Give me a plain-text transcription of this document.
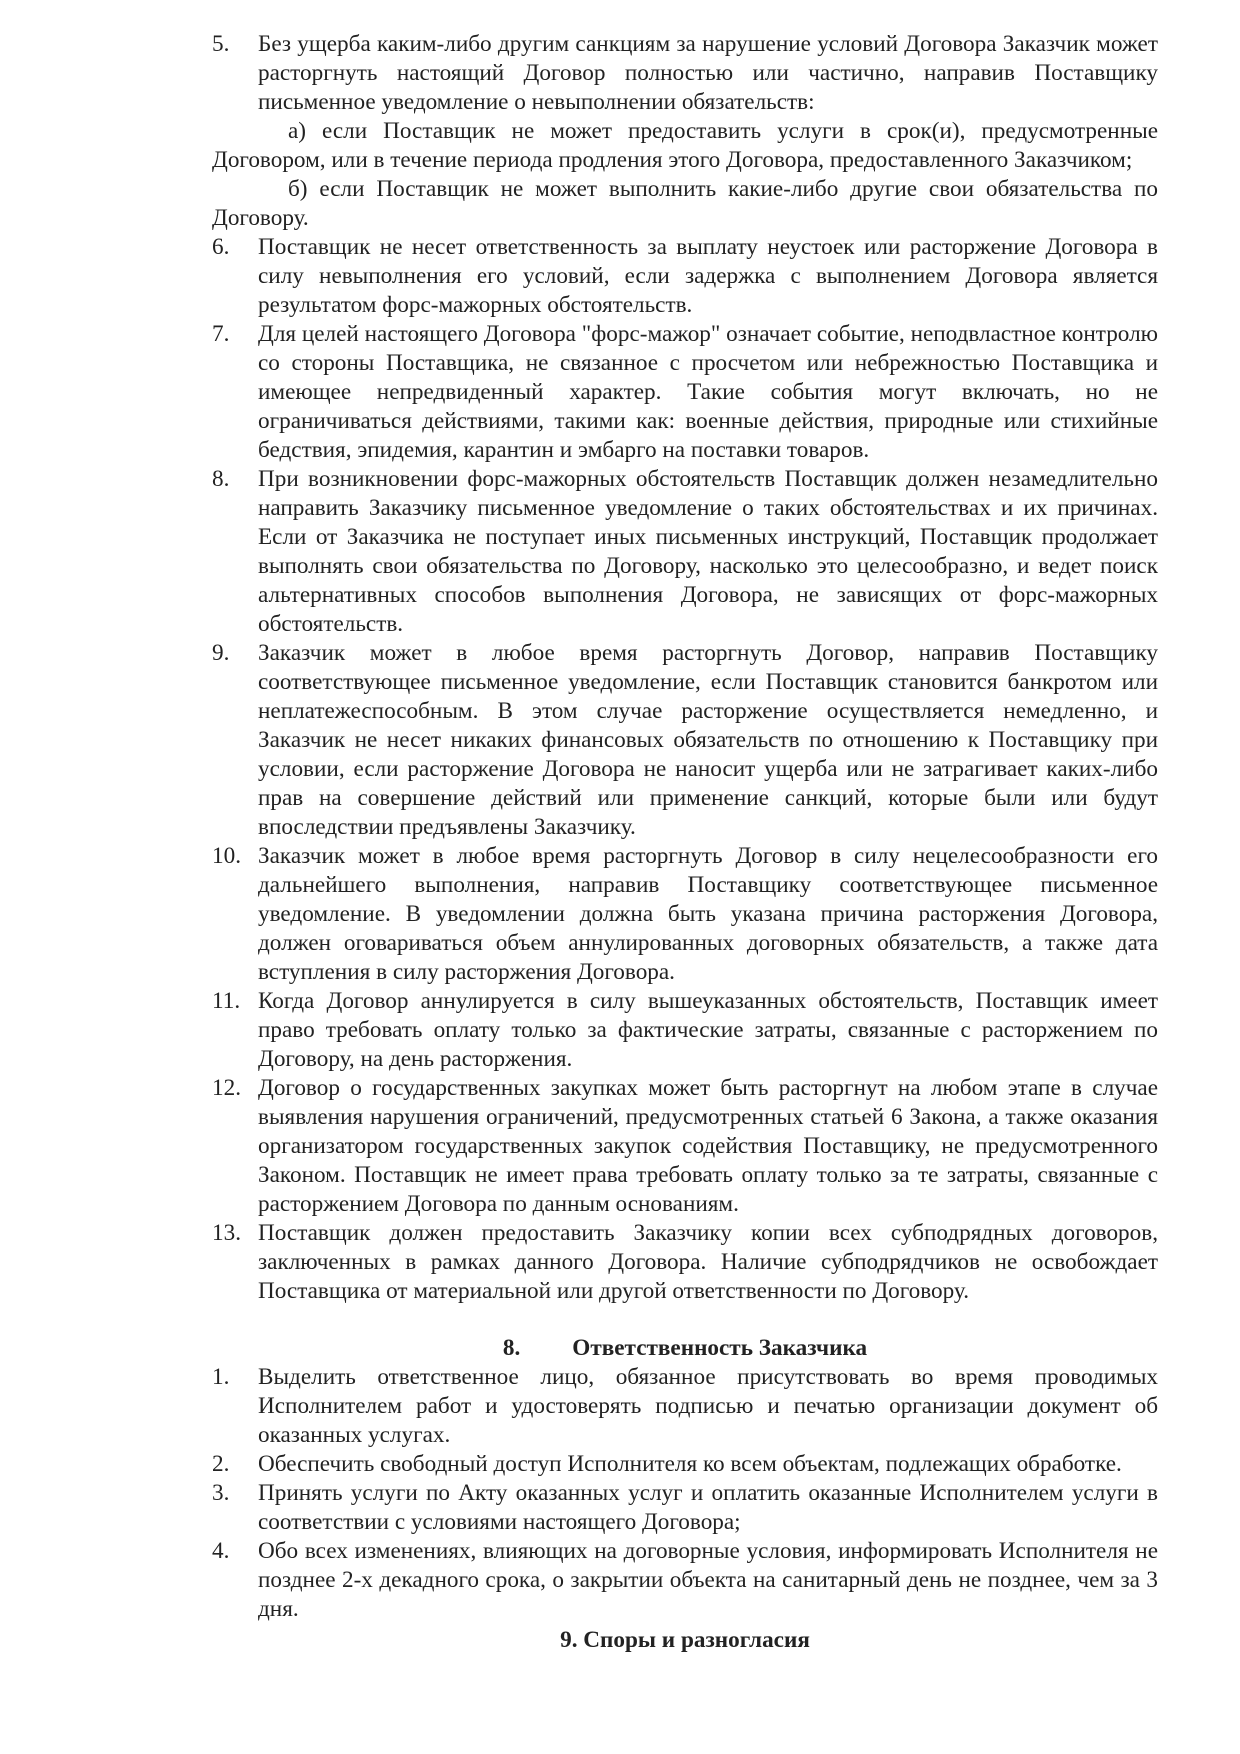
5.	Без ущерба каким-либо другим санкциям за нарушение условий Договора Заказчик может расторгнуть настоящий Договор полностью или частично, направив Поставщику письменное уведомление о невыполнении обязательств:
а) если Поставщик не может предоставить услуги в срок(и), предусмотренные Договором, или в течение периода продления этого Договора, предоставленного Заказчиком;
б) если Поставщик не может выполнить какие-либо другие свои обязательства по Договору.
6.	Поставщик не несет ответственность за выплату неустоек или расторжение Договора в силу невыполнения его условий, если задержка с выполнением Договора является результатом форс-мажорных обстоятельств.
7.	Для целей настоящего Договора "форс-мажор" означает событие, неподвластное контролю со стороны Поставщика, не связанное с просчетом или небрежностью Поставщика и имеющее непредвиденный характер. Такие события могут включать, но не ограничиваться действиями, такими как: военные действия, природные или стихийные бедствия, эпидемия, карантин и эмбарго на поставки товаров.
8.	При возникновении форс-мажорных обстоятельств Поставщик должен незамедлительно направить Заказчику письменное уведомление о таких обстоятельствах и их причинах. Если от Заказчика не поступает иных письменных инструкций, Поставщик продолжает выполнять свои обязательства по Договору, насколько это целесообразно, и ведет поиск альтернативных способов выполнения Договора, не зависящих от форс-мажорных обстоятельств.
9.	Заказчик может в любое время расторгнуть Договор, направив Поставщику соответствующее письменное уведомление, если Поставщик становится банкротом или неплатежеспособным. В этом случае расторжение осуществляется немедленно, и Заказчик не несет никаких финансовых обязательств по отношению к Поставщику при условии, если расторжение Договора не наносит ущерба или не затрагивает каких-либо прав на совершение действий или применение санкций, которые были или будут впоследствии предъявлены Заказчику.
10. Заказчик может в любое время расторгнуть Договор в силу нецелесообразности его дальнейшего выполнения, направив Поставщику соответствующее письменное уведомление. В уведомлении должна быть указана причина расторжения Договора, должен оговариваться объем аннулированных договорных обязательств, а также дата вступления в силу расторжения Договора.
11. Когда Договор аннулируется в силу вышеуказанных обстоятельств, Поставщик имеет право требовать оплату только за фактические затраты, связанные с расторжением по Договору, на день расторжения.
12. Договор о государственных закупках может быть расторгнут на любом этапе в случае выявления нарушения ограничений, предусмотренных статьей 6 Закона, а также оказания организатором государственных закупок содействия Поставщику, не предусмотренного Законом. Поставщик не имеет права требовать оплату только за те затраты, связанные с расторжением Договора по данным основаниям.
13. Поставщик должен предоставить Заказчику копии всех субподрядных договоров, заключенных в рамках данного Договора. Наличие субподрядчиков не освобождает Поставщика от материальной или другой ответственности по Договору.
8. Ответственность Заказчика
1.	Выделить ответственное лицо, обязанное присутствовать во время проводимых Исполнителем работ и удостоверять подписью и печатью организации документ об оказанных услугах.
2.	Обеспечить свободный доступ Исполнителя ко всем объектам, подлежащих обработке.
3.	Принять услуги по Акту оказанных услуг и оплатить оказанные Исполнителем услуги в соответствии с условиями настоящего Договора;
4.	Обо всех изменениях, влияющих на договорные условия, информировать Исполнителя не позднее 2-х декадного срока, о закрытии объекта на санитарный день не позднее, чем за 3 дня.
9. Споры и разногласия
